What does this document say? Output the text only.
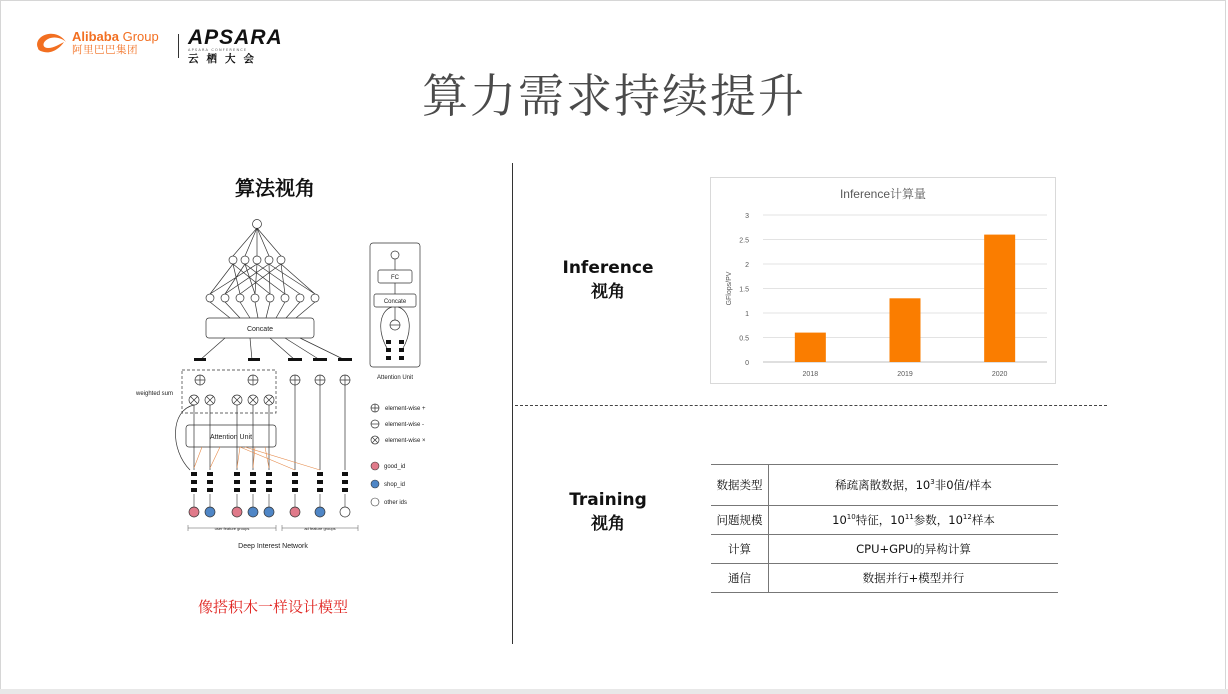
Alibaba Group
阿里巴巴集团
APSARA
APSARA CONFERENCE
云栖大会
算力需求持续提升
算法视角
Concate
Attention Unit
weighted sum
user feature groups	ad feature groups
Deep Interest Network
FC
Concate
Attention Unit
element-wise +
element-wise -
element-wise ×
good_id
shop_id
other ids
像搭积木一样设计模型
Inference
视角
Training
视角
Inference计算量
0
0.5
1
1.5
2
2.5
3
GFlops/PV
2018	2019	2020
数据类型	稀疏离散数据，$10^3$非0值/样本
问题规模	$10^{10}$特征，$10^{11}$参数，$10^{12}$样本
计算	CPU+GPU的异构计算
通信	数据并行+模型并行
